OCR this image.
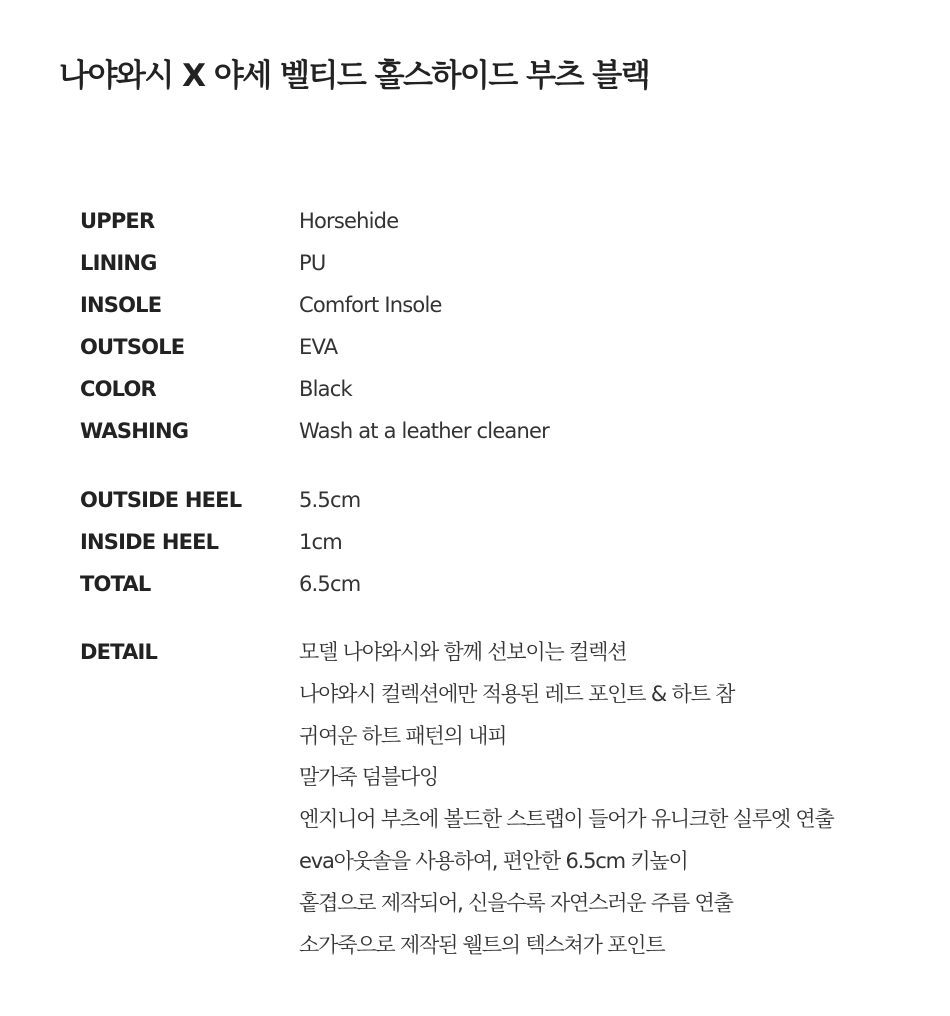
나야와시 X 야세 벨티드 홀스하이드 부츠 블랙
UPPER	Horsehide
LINING	PU
INSOLE	Comfort Insole
OUTSOLE	EVA
COLOR	Black
WASHING	Wash at a leather cleaner
OUTSIDE HEEL	5.5cm
INSIDE HEEL	1cm
TOTAL	6.5cm
DETAIL	모델 나야와시와 함께 선보이는 컬렉션
나야와시 컬렉션에만 적용된 레드 포인트 & 하트 참
귀여운 하트 패턴의 내피
말가죽 덤블다잉
엔지니어 부츠에 볼드한 스트랩이 들어가 유니크한 실루엣 연출
eva아웃솔을 사용하여, 편안한 6.5cm 키높이
홑겹으로 제작되어, 신을수록 자연스러운 주름 연출
소가죽으로 제작된 웰트의 텍스쳐가 포인트
